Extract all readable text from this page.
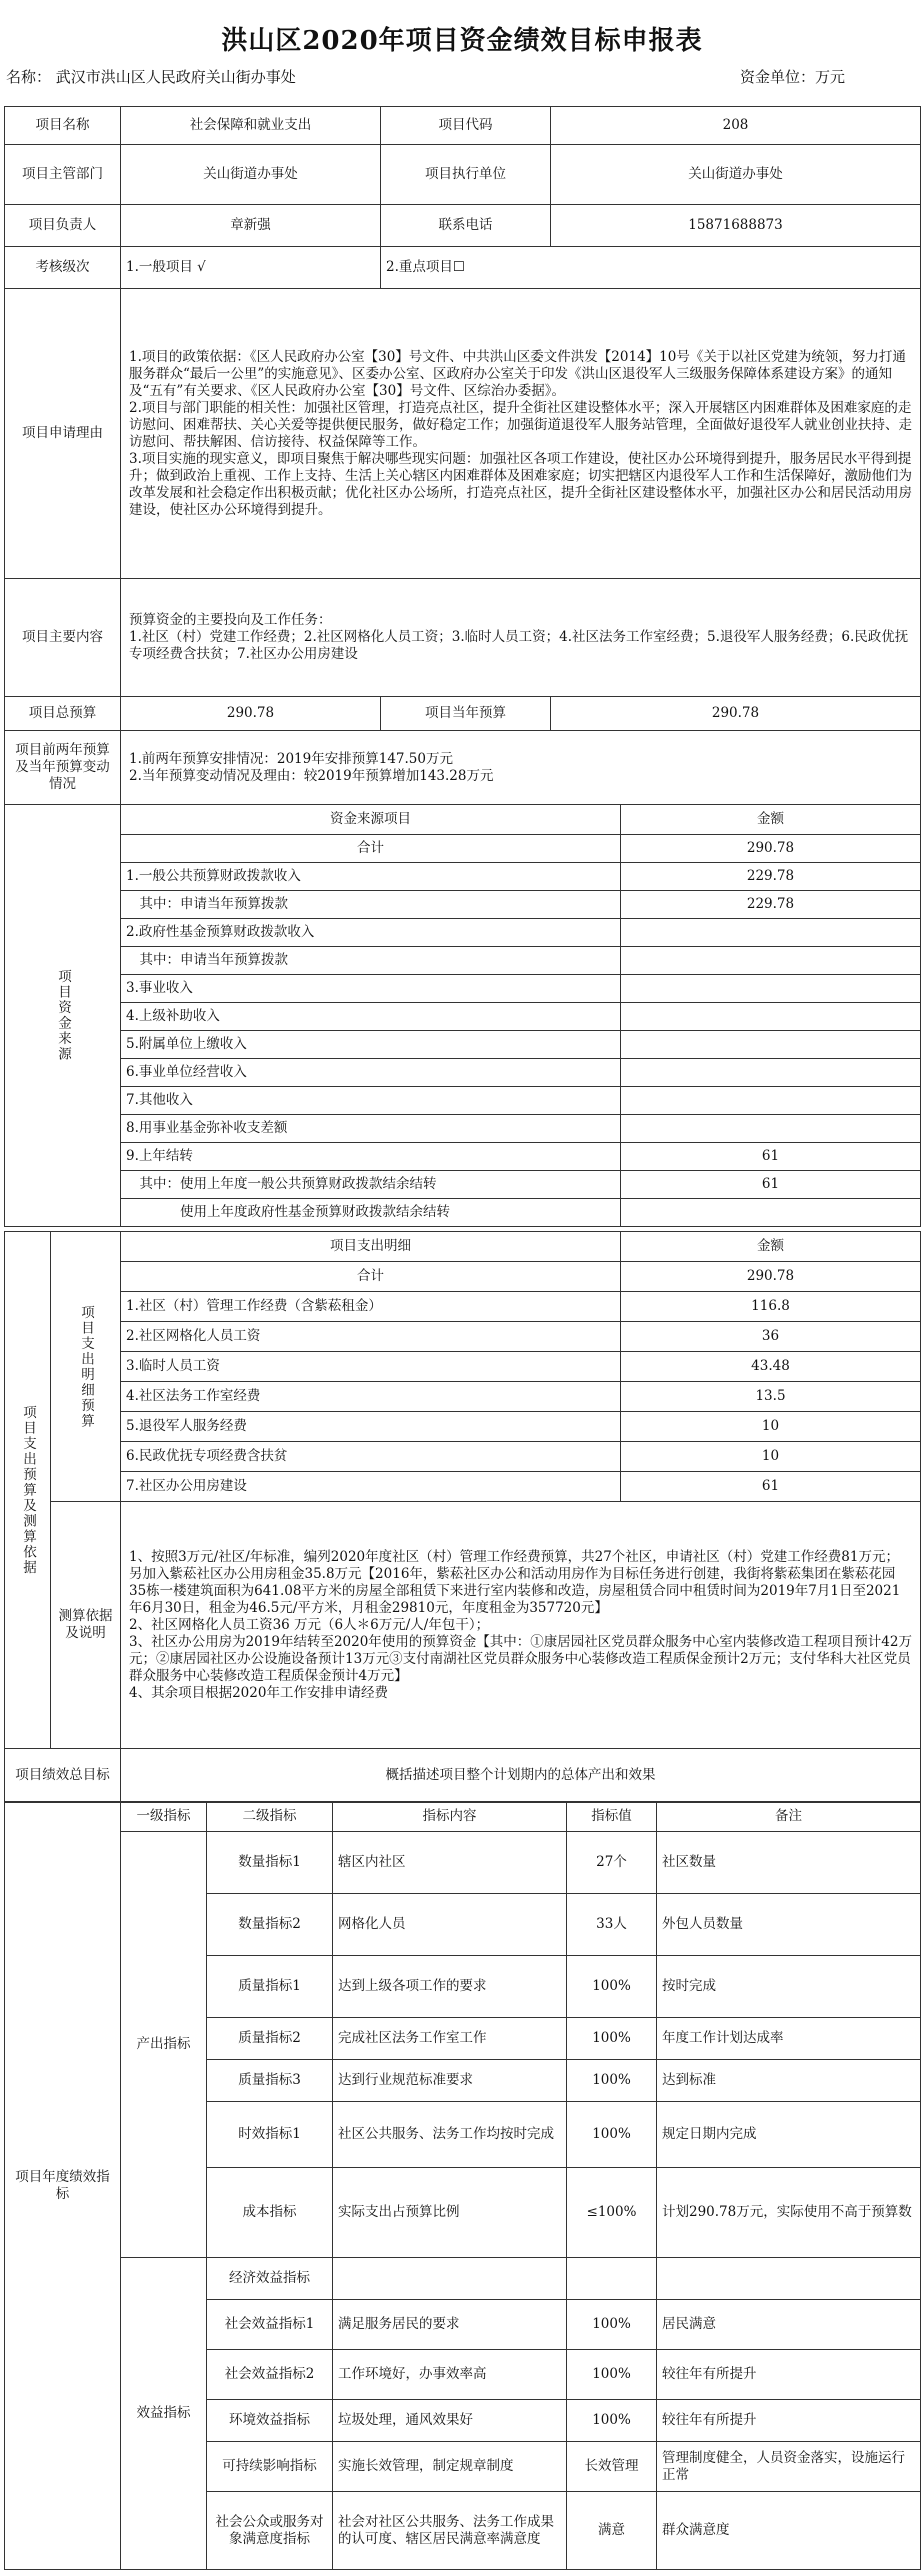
洪山区2020年项目资金绩效目标申报表
名称： 武汉市洪山区人民政府关山街办事处	资金单位：万元
项目名称	社会保障和就业支出	项目代码	208
项目主管部门	关山街道办事处	项目执行单位	关山街道办事处
项目负责人	章新强	联系电话	15871688873
考核级次	1.一般项目 √	2.重点项目☐	
项目申请理由	1.项目的政策依据：《区人民政府办公室【30】号文件、中共洪山区委文件洪发【2014】10号《关于以社区党建为统领，努力打通服务群众“最后一公里”的实施意见》、区委办公室、区政府办公室关于印发《洪山区退役军人三级服务保障体系建设方案》的通知及“五有”有关要求、《区人民政府办公室【30】号文件、区综治办委据》。
2.项目与部门职能的相关性：加强社区管理，打造亮点社区，提升全街社区建设整体水平；深入开展辖区内困难群体及困难家庭的走访慰问、困难帮扶、关心关爱等提供便民服务，做好稳定工作；加强街道退役军人服务站管理，全面做好退役军人就业创业扶持、走访慰问、帮扶解困、信访接待、权益保障等工作。
3.项目实施的现实意义，即项目聚焦于解决哪些现实问题：加强社区各项工作建设，使社区办公环境得到提升，服务居民水平得到提升；做到政治上重视、工作上支持、生活上关心辖区内困难群体及困难家庭；切实把辖区内退役军人工作和生活保障好，激励他们为改革发展和社会稳定作出积极贡献；优化社区办公场所，打造亮点社区，提升全街社区建设整体水平，加强社区办公和居民活动用房建设，使社区办公环境得到提升。		
项目主要内容	预算资金的主要投向及工作任务：
1.社区（村）党建工作经费；2.社区网格化人员工资；3.临时人员工资；4.社区法务工作室经费；5.退役军人服务经费；6.民政优抚专项经费含扶贫；7.社区办公用房建设		
项目总预算	290.78	项目当年预算	290.78
项目前两年预算及当年预算变动情况	1.前两年预算安排情况：2019年安排预算147.50万元
2.当年预算变动情况及理由：较2019年预算增加143.28万元		
项目资金来源	资金来源项目	金额
	合计	290.78
	1.一般公共预算财政拨款收入	229.78
	　其中：申请当年预算拨款	229.78
	2.政府性基金预算财政拨款收入	
	　其中：申请当年预算拨款	
	3.事业收入	
	4.上级补助收入	
	5.附属单位上缴收入	
	6.事业单位经营收入	
	7.其他收入	
	8.用事业基金弥补收支差额	
	9.上年结转	61
	　其中：使用上年度一般公共预算财政拨款结余结转	61
	　　　　使用上年度政府性基金预算财政拨款结余结转	
项目支出预算及测算依据	项目支出明细预算	项目支出明细	金额
		合计	290.78
		1.社区（村）管理工作经费（含紫菘租金）	116.8
		2.社区网格化人员工资	36
		3.临时人员工资	43.48
		4.社区法务工作室经费	13.5
		5.退役军人服务经费	10
		6.民政优抚专项经费含扶贫	10
		7.社区办公用房建设	61
	测算依据及说明	1、按照3万元/社区/年标准，编列2020年度社区（村）管理工作经费预算，共27个社区，申请社区（村）党建工作经费81万元；另加入紫菘社区办公用房租金35.8万元【2016年，紫菘社区办公和活动用房作为目标任务进行创建，我街将紫菘集团在紫菘花园35栋一楼建筑面积为641.08平方米的房屋全部租赁下来进行室内装修和改造，房屋租赁合同中租赁时间为2019年7月1日至2021年6月30日，租金为46.5元/平方米，月租金29810元，年度租金为357720元】
2、社区网格化人员工资36 万元（6人＊6万元/人/年包干）；
3、社区办公用房为2019年结转至2020年使用的预算资金【其中：①康居园社区党员群众服务中心室内装修改造工程项目预计42万元；②康居园社区办公设施设备预计13万元③支付南湖社区党员群众服务中心装修改造工程质保金预计2万元；支付华科大社区党员群众服务中心装修改造工程质保金预计4万元】
4、其余项目根据2020年工作安排申请经费	
项目绩效总目标	概括描述项目整个计划期内的总体产出和效果
项目年度绩效指标	一级指标	二级指标	指标内容	指标值	备注
	产出指标	数量指标1	辖区内社区	27个	社区数量
		数量指标2	网格化人员	33人	外包人员数量
		质量指标1	达到上级各项工作的要求	100%	按时完成
		质量指标2	完成社区法务工作室工作	100%	年度工作计划达成率
		质量指标3	达到行业规范标准要求	100%	达到标准
		时效指标1	社区公共服务、法务工作均按时完成	100%	规定日期内完成
		成本指标	实际支出占预算比例	≤100%	计划290.78万元，实际使用不高于预算数
	效益指标	经济效益指标			
		社会效益指标1	满足服务居民的要求	100%	居民满意
		社会效益指标2	工作环境好，办事效率高	100%	较往年有所提升
		环境效益指标	垃圾处理，通风效果好	100%	较往年有所提升
		可持续影响指标	实施长效管理，制定规章制度	长效管理	管理制度健全，人员资金落实，设施运行正常
		社会公众或服务对象满意度指标	社会对社区公共服务、法务工作成果的认可度、辖区居民满意率满意度	满意	群众满意度
